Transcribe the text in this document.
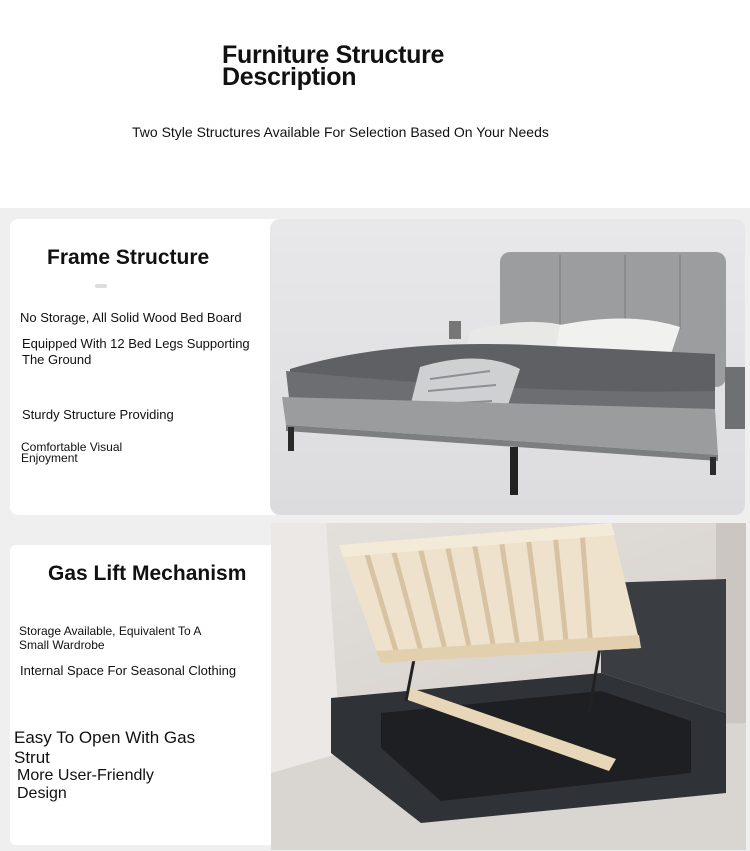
Furniture Structure
Description
Two Style Structures Available For Selection Based On Your Needs
Frame Structure
No Storage, All Solid Wood Bed Board
Equipped With 12 Bed Legs Supporting
The Ground
Sturdy Structure Providing
Comfortable Visual
Enjoyment
Gas Lift Mechanism
Storage Available, Equivalent To A
Small Wardrobe
Internal Space For Seasonal Clothing
Easy To Open With Gas
Strut
More User-Friendly
Design
